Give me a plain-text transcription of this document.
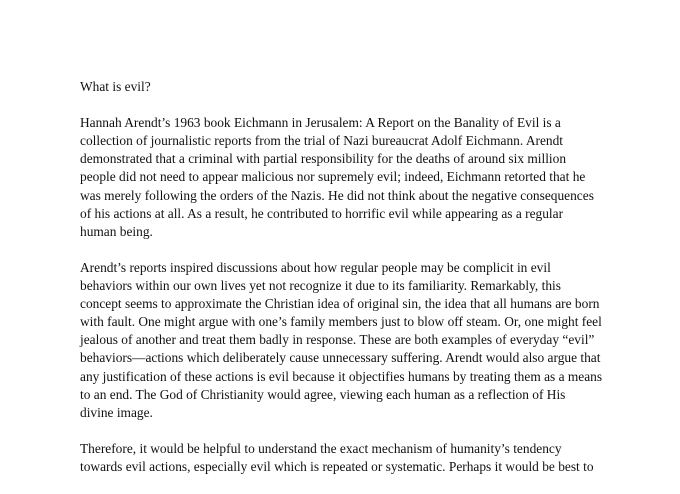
What is evil?
Hannah Arendt’s 1963 book Eichmann in Jerusalem: A Report on the Banality of Evil is a
collection of journalistic reports from the trial of Nazi bureaucrat Adolf Eichmann. Arendt
demonstrated that a criminal with partial responsibility for the deaths of around six million
people did not need to appear malicious nor supremely evil; indeed, Eichmann retorted that he
was merely following the orders of the Nazis. He did not think about the negative consequences
of his actions at all. As a result, he contributed to horrific evil while appearing as a regular
human being.
Arendt’s reports inspired discussions about how regular people may be complicit in evil
behaviors within our own lives yet not recognize it due to its familiarity. Remarkably, this
concept seems to approximate the Christian idea of original sin, the idea that all humans are born
with fault. One might argue with one’s family members just to blow off steam. Or, one might feel
jealous of another and treat them badly in response. These are both examples of everyday “evil”
behaviors—actions which deliberately cause unnecessary suffering. Arendt would also argue that
any justification of these actions is evil because it objectifies humans by treating them as a means
to an end. The God of Christianity would agree, viewing each human as a reflection of His
divine image.
Therefore, it would be helpful to understand the exact mechanism of humanity’s tendency
towards evil actions, especially evil which is repeated or systematic. Perhaps it would be best to
